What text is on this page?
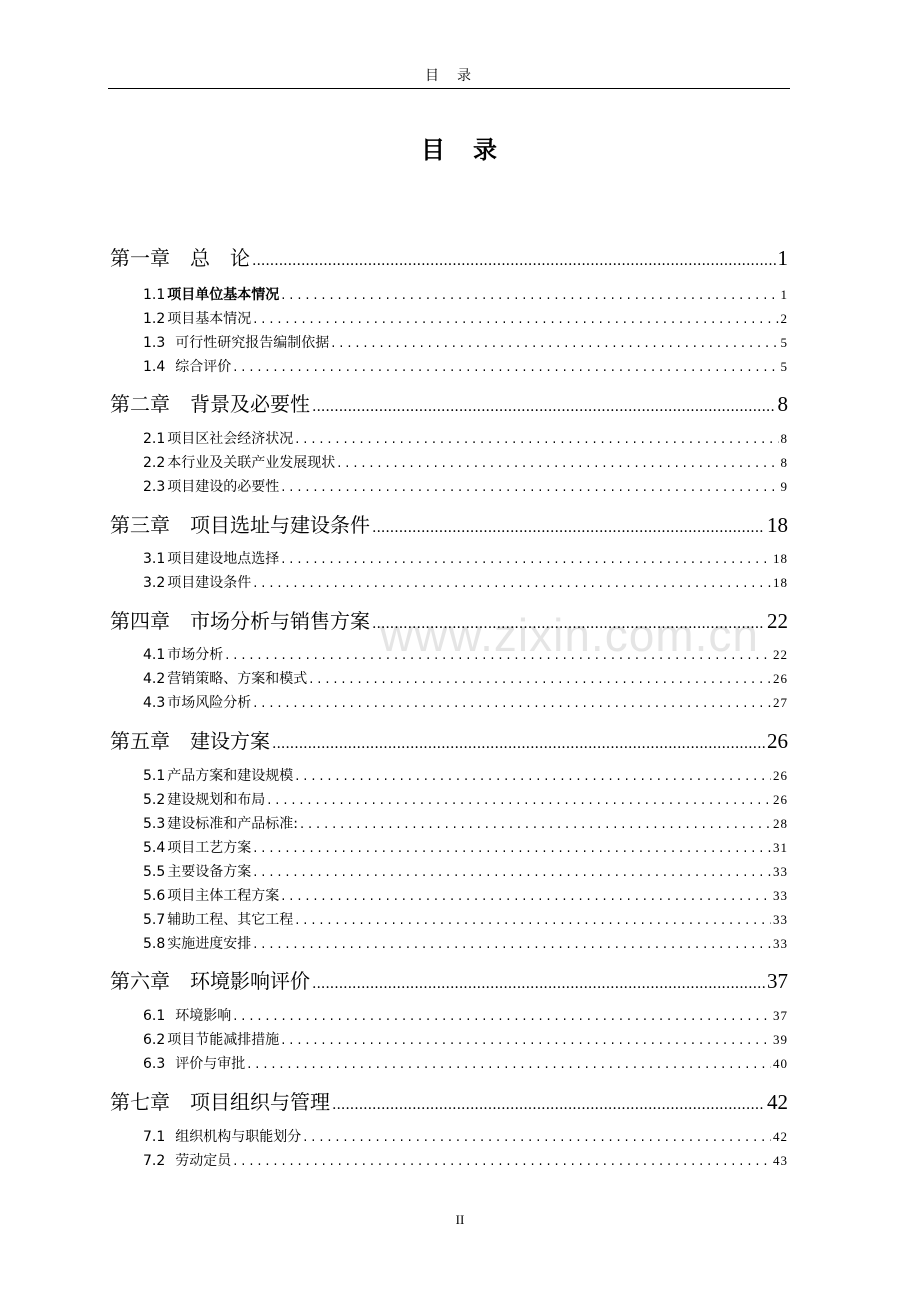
目　录
目　录
www.zixin.com.cn
第一章　总　论 .....	1
1.1 项目单位基本情况 .....	1
1.2 项目基本情况 .....	2
1.3 可行性研究报告编制依据 .....	5
1.4 综合评价 .....	5
第二章　背景及必要性 .....	8
2.1 项目区社会经济状况 .....	8
2.2 本行业及关联产业发展现状 .....	8
2.3 项目建设的必要性 .....	9
第三章　项目选址与建设条件 .....	18
3.1 项目建设地点选择 .....	18
3.2 项目建设条件 .....	18
第四章　市场分析与销售方案 .....	22
4.1 市场分析 .....	22
4.2 营销策略、方案和模式 .....	26
4.3 市场风险分析 .....	27
第五章　建设方案 .....	26
5.1 产品方案和建设规模 .....	26
5.2 建设规划和布局 .....	26
5.3 建设标准和产品标准: .....	28
5.4 项目工艺方案 .....	31
5.5 主要设备方案 .....	33
5.6 项目主体工程方案 .....	33
5.7 辅助工程、其它工程 .....	33
5.8 实施进度安排 .....	33
第六章　环境影响评价 .....	37
6.1 环境影响 .....	37
6.2 项目节能减排措施 .....	39
6.3 评价与审批 .....	40
第七章　项目组织与管理 .....	42
7.1 组织机构与职能划分 .....	42
7.2 劳动定员 .....	43
II
